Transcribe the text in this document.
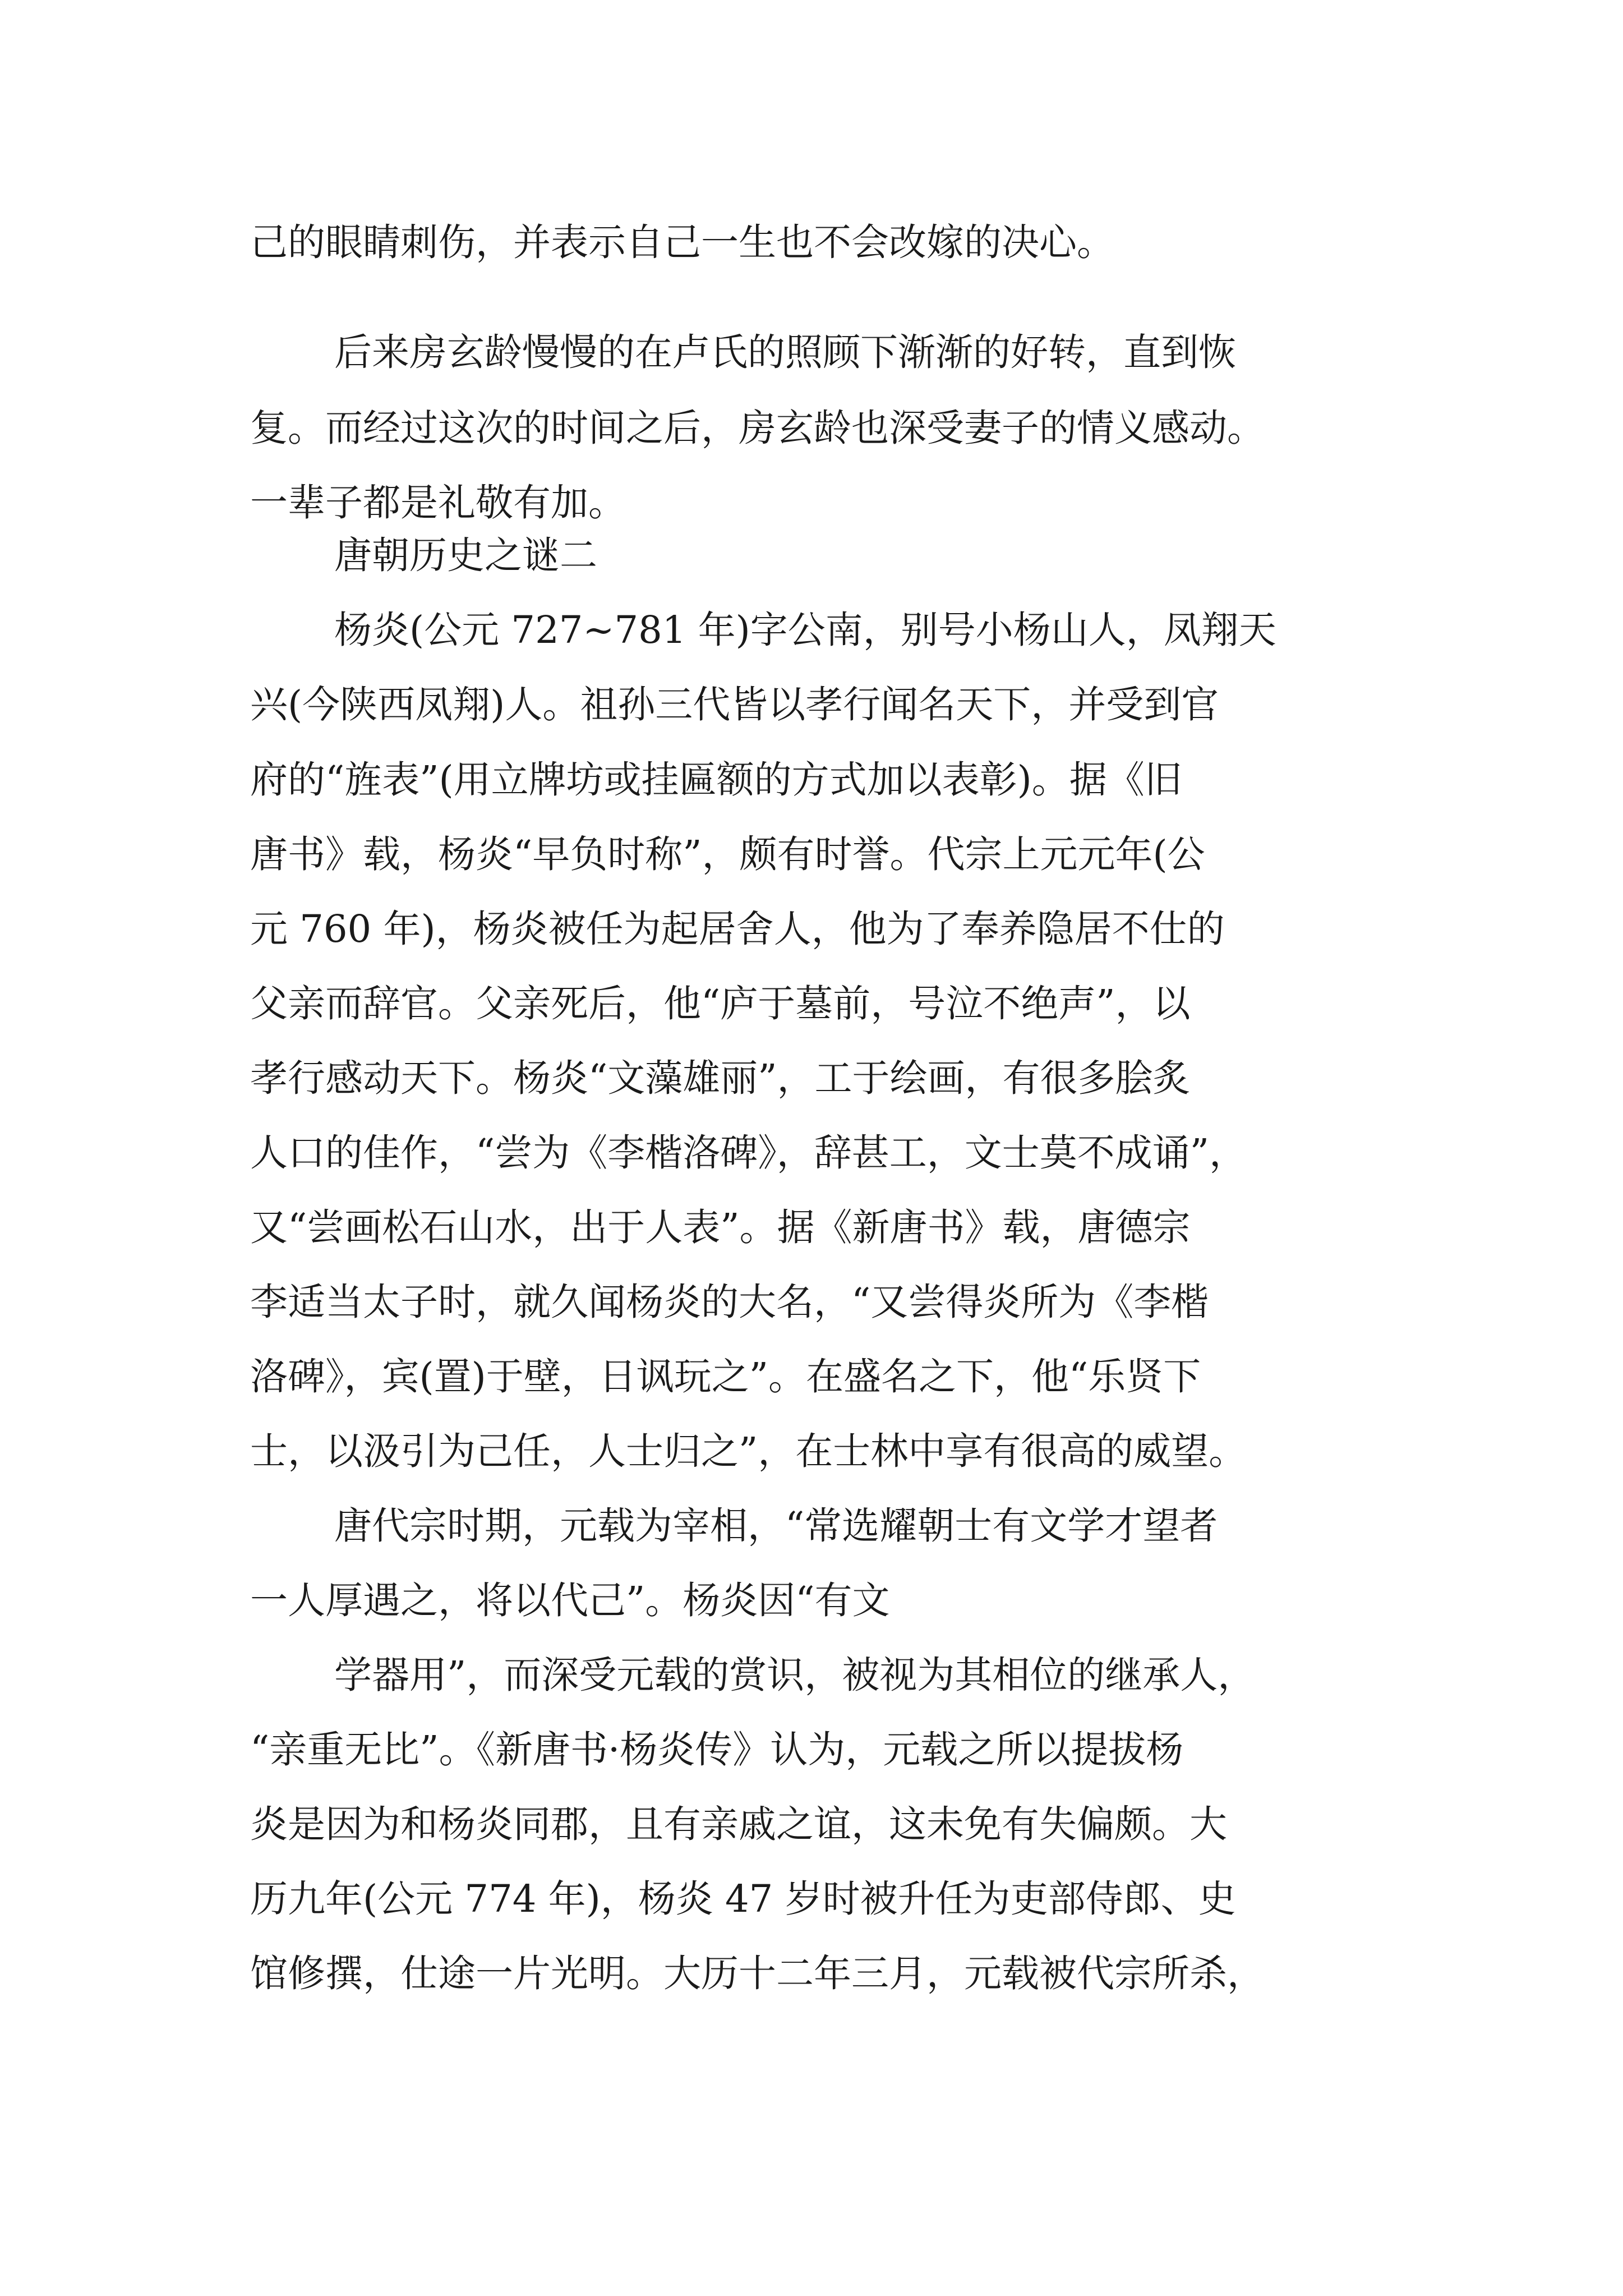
己的眼睛刺伤，并表示自己一生也不会改嫁的决心。

后来房玄龄慢慢的在卢氏的照顾下渐渐的好转，直到恢

复。而经过这次的时间之后，房玄龄也深受妻子的情义感动。

一辈子都是礼敬有加。

唐朝历史之谜二

杨炎(公元 727~781 年)字公南，别号小杨山人，凤翔天

兴(今陕西凤翔)人。祖孙三代皆以孝行闻名天下，并受到官

府的“旌表”(用立牌坊或挂匾额的方式加以表彰)。据《旧

唐书》载，杨炎“早负时称”，颇有时誉。代宗上元元年(公

元 760 年)，杨炎被任为起居舍人，他为了奉养隐居不仕的

父亲而辞官。父亲死后，他“庐于墓前，号泣不绝声”，以

孝行感动天下。杨炎“文藻雄丽”，工于绘画，有很多脍炙

人口的佳作，“尝为《李楷洛碑》，辞甚工，文士莫不成诵”，

又“尝画松石山水，出于人表”。据《新唐书》载，唐德宗

李适当太子时，就久闻杨炎的大名，“又尝得炎所为《李楷

洛碑》，宾(置)于壁，日讽玩之”。在盛名之下，他“乐贤下

士，以汲引为己任，人士归之”，在士林中享有很高的威望。

唐代宗时期，元载为宰相，“常选耀朝士有文学才望者

一人厚遇之，将以代己”。杨炎因“有文

学器用”，而深受元载的赏识，被视为其相位的继承人，

“亲重无比”。《新唐书·杨炎传》认为，元载之所以提拔杨

炎是因为和杨炎同郡，且有亲戚之谊，这未免有失偏颇。大

历九年(公元 774 年)，杨炎 47 岁时被升任为吏部侍郎、史

馆修撰，仕途一片光明。大历十二年三月，元载被代宗所杀，
